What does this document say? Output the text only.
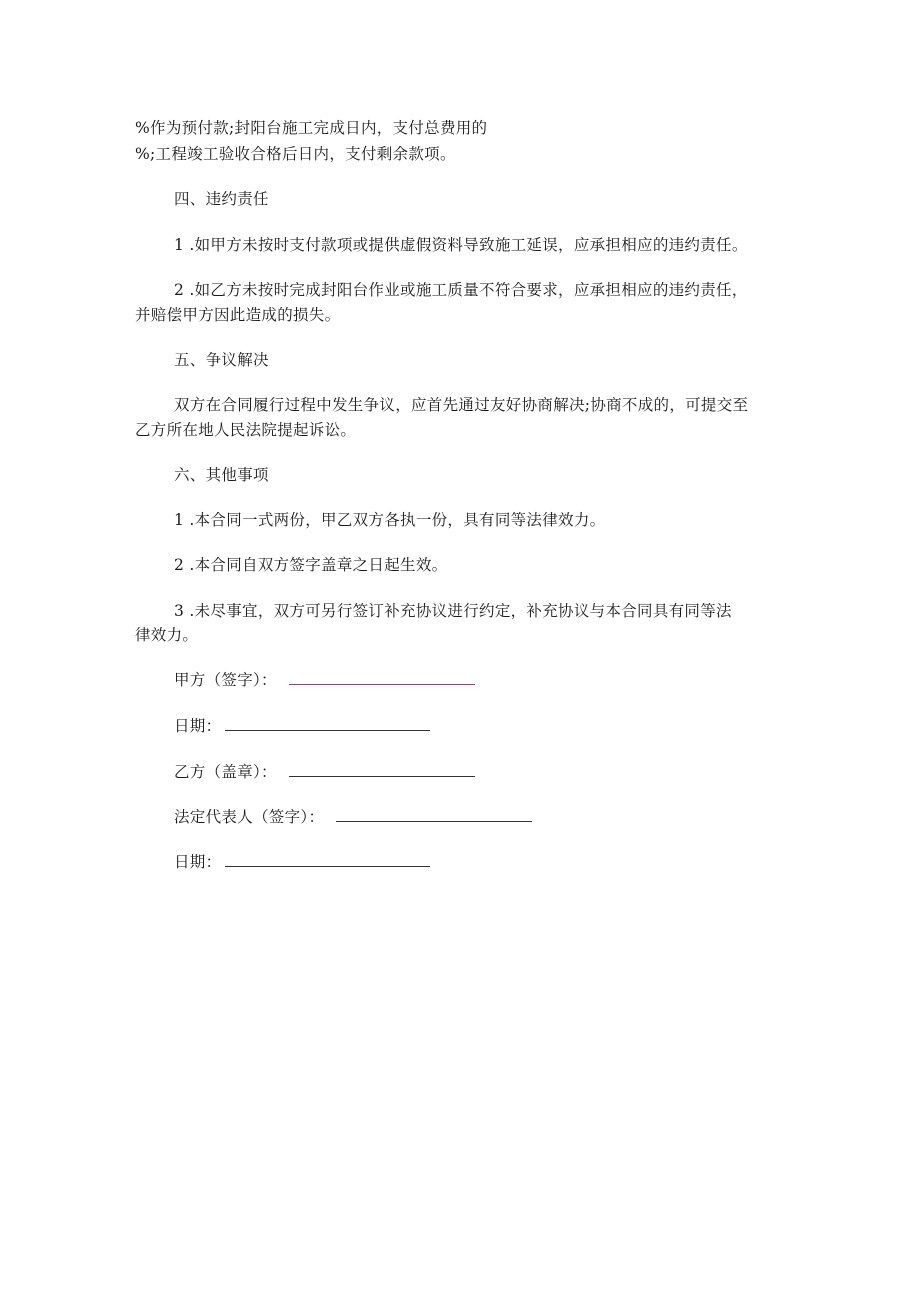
%作为预付款;封阳台施工完成日内，支付总费用的
%;工程竣工验收合格后日内，支付剩余款项。
四、违约责任
1 .如甲方未按时支付款项或提供虚假资料导致施工延误，应承担相应的违约责任。
2 .如乙方未按时完成封阳台作业或施工质量不符合要求，应承担相应的违约责任，
并赔偿甲方因此造成的损失。
五、争议解决
双方在合同履行过程中发生争议，应首先通过友好协商解决;协商不成的，可提交至
乙方所在地人民法院提起诉讼。
六、其他事项
1 .本合同一式两份，甲乙双方各执一份，具有同等法律效力。
2 .本合同自双方签字盖章之日起生效。
3 .未尽事宜，双方可另行签订补充协议进行约定，补充协议与本合同具有同等法
律效力。
甲方（签字）：
日期：
乙方（盖章）：
法定代表人（签字）：
日期：
